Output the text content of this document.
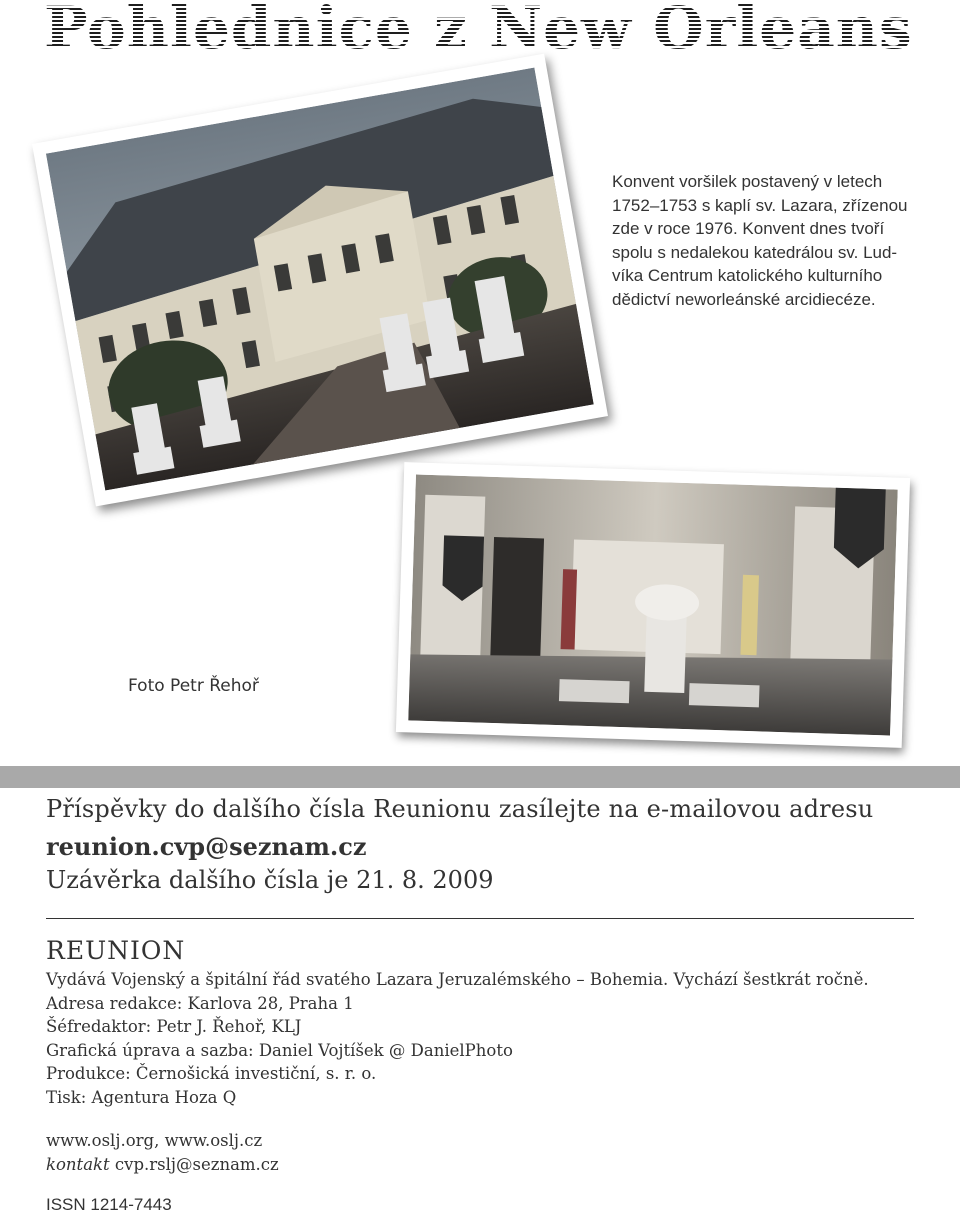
Pohlednice z New Orleans
Konvent voršilek postavený v letech
1752–1753 s kaplí sv. Lazara, zřízenou
zde v roce 1976. Konvent dnes tvoří
spolu s nedalekou katedrálou sv. Lud-
víka Centrum katolického kulturního
dědictví neworleánské arcidiecéze.
Foto Petr Řehoř
Příspěvky do dalšího čísla Reunionu zasílejte na e-mailovou adresu
reunion.cvp@seznam.cz
Uzávěrka dalšího čísla je 21. 8. 2009
REUNION
Vydává Vojenský a špitální řád svatého Lazara Jeruzalémského – Bohemia. Vychází šestkrát ročně.
Adresa redakce: Karlova 28, Praha 1
Šéfredaktor: Petr J. Řehoř, KLJ
Grafická úprava a sazba: Daniel Vojtíšek @ DanielPhoto
Produkce: Černošická investiční, s. r. o.
Tisk: Agentura Hoza Q
www.oslj.org, www.oslj.cz
kontakt cvp.rslj@seznam.cz
ISSN 1214-7443
